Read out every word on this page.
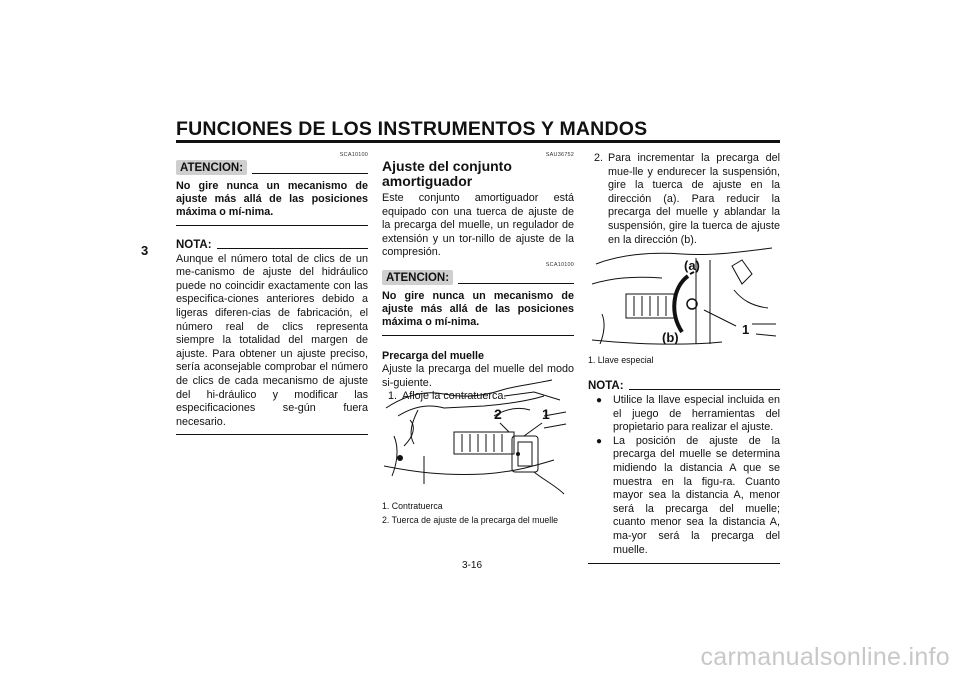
FUNCIONES DE LOS INSTRUMENTOS Y MANDOS
3
SCA10100
ATENCION:
No gire nunca un mecanismo de ajuste más allá de las posiciones máxima o mí-nima.
NOTA:
Aunque el número total de clics de un me-canismo de ajuste del hidráulico puede no coincidir exactamente con las especifica-ciones anteriores debido a ligeras diferen-cias de fabricación, el número real de clics representa siempre la totalidad del margen de ajuste. Para obtener un ajuste preciso, sería aconsejable comprobar el número de clics de cada mecanismo de ajuste del hi-dráulico y modificar las especificaciones se-gún fuera necesario.
SAU36752
Ajuste del conjunto amortiguador
Este conjunto amortiguador está equipado con una tuerca de ajuste de la precarga del muelle, un regulador de extensión y un tor-nillo de ajuste de la compresión.
SCA10100
ATENCION:
No gire nunca un mecanismo de ajuste más allá de las posiciones máxima o mí-nima.
Precarga del muelle
Ajuste la precarga del muelle del modo si-guiente.
1. Afloje la contratuerca.
2	1
1. Contratuerca
2. Tuerca de ajuste de la precarga del muelle
2. Para incrementar la precarga del mue-lle y endurecer la suspensión, gire la tuerca de ajuste en la dirección (a). Para reducir la precarga del muelle y ablandar la suspensión, gire la tuerca de ajuste en la dirección (b).
(a)
(b)
1
1. Llave especial
NOTA:
●	Utilice la llave especial incluida en el juego de herramientas del propietario para realizar el ajuste.
●	La posición de ajuste de la precarga del muelle se determina midiendo la distancia A que se muestra en la figu-ra. Cuanto mayor sea la distancia A, menor será la precarga del muelle; cuanto menor sea la distancia A, ma-yor será la precarga del muelle.
3-16
carmanualsonline.info
